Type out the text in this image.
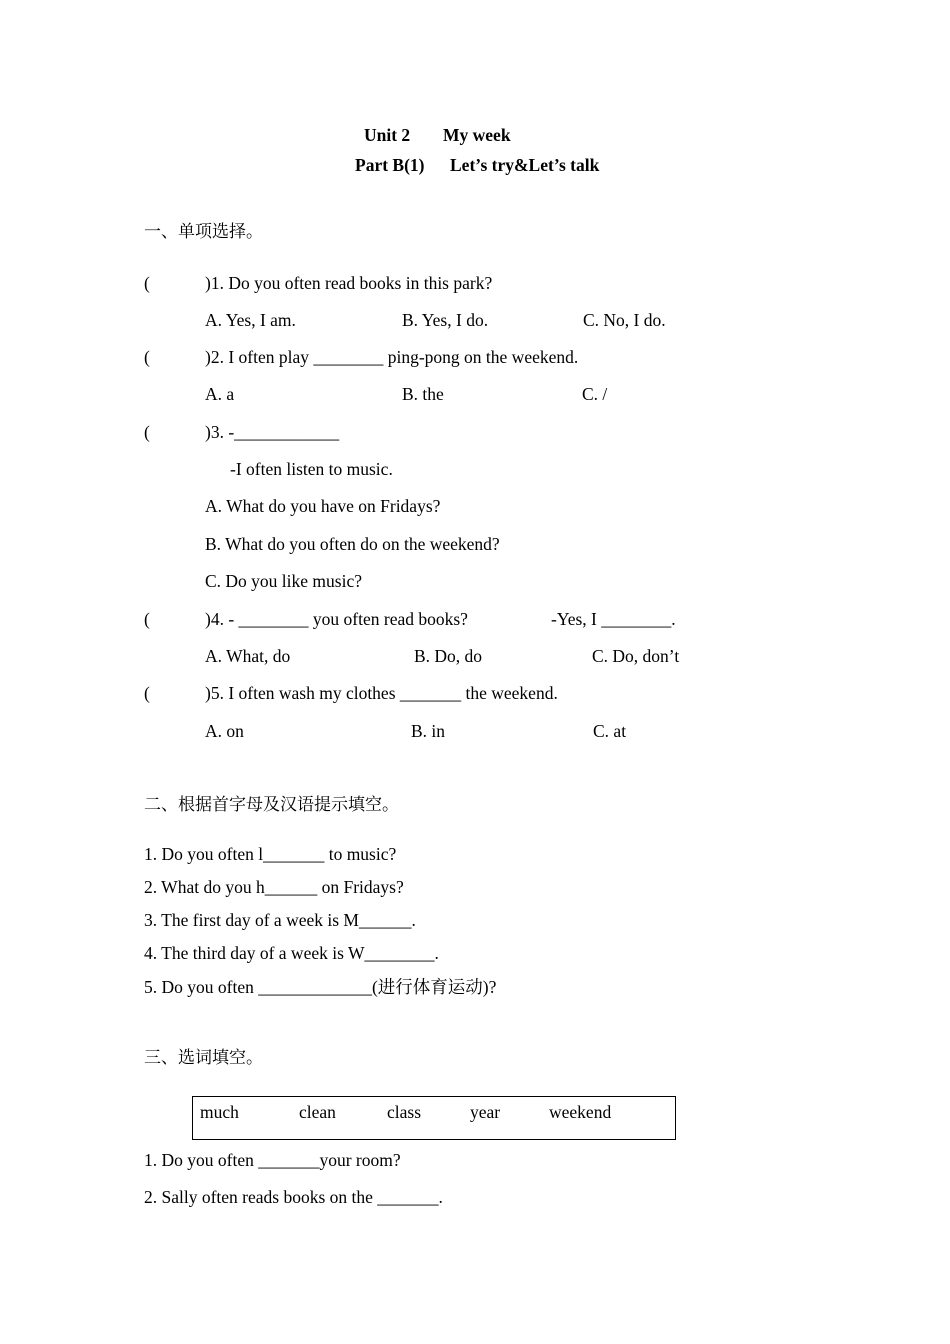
Unit 2 My week
Part B(1) Let’s try&Let’s talk
一、单项选择。
(	)1. Do you often read books in this park?
A. Yes, I am.	B. Yes, I do.	C. No, I do.
(	)2. I often play ________ ping-pong on the weekend.
A. a	B. the	C. /
(	)3. -____________
-I often listen to music.
A. What do you have on Fridays?
B. What do you often do on the weekend?
C. Do you like music?
(	)4. - ________ you often read books?	-Yes, I ________.
A. What, do	B. Do, do	C. Do, don’t
(	)5. I often wash my clothes _______ the weekend.
A. on	B. in	C. at
二、根据首字母及汉语提示填空。
1. Do you often l_______ to music?
2. What do you h______ on Fridays?
3. The first day of a week is M______.
4. The third day of a week is W________.
5. Do you often _____________(进行体育运动)?
三、选词填空。
much	clean	class	year	weekend
1. Do you often _______your room?
2. Sally often reads books on the _______.
